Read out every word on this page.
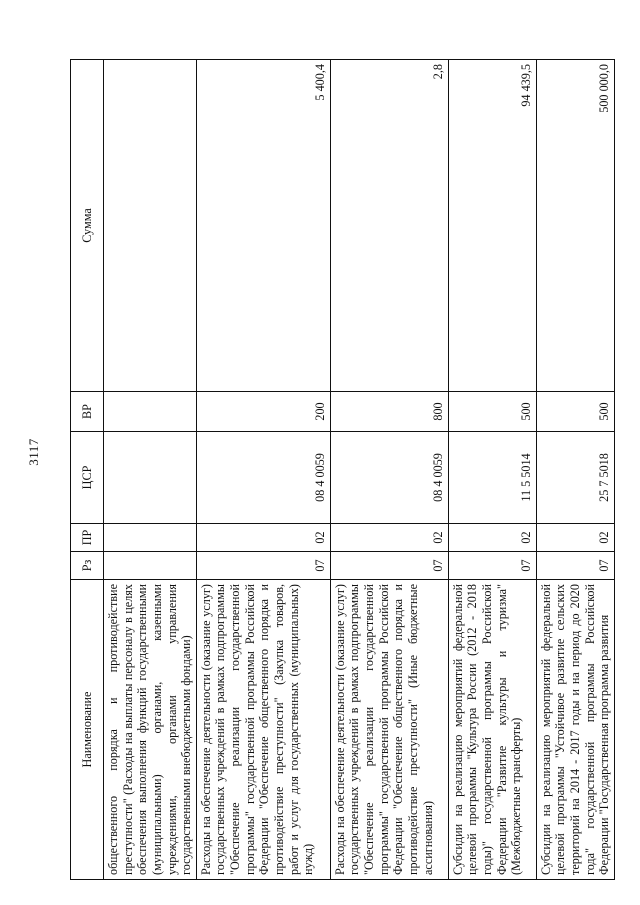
3117
Наименование	Рз	ПР	ЦСР	ВР	Сумма
общественного порядка и противодействие преступности" (Расходы на выплаты персоналу в целях обеспечения выполнения функций государственными (муниципальными) органами, казенными учреждениями, органами управления государственными внебюджетными фондами)					
Расходы на обеспечение деятельности (оказание услуг) государственных учреждений в рамках подпрограммы "Обеспечение реализации государственной программы" государственной программы Российской Федерации "Обеспечение общественного порядка и противодействие преступности" (Закупка товаров, работ и услуг для государственных (муниципальных) нужд)	07	02	08 4 0059	200	5 400,4
Расходы на обеспечение деятельности (оказание услуг) государственных учреждений в рамках подпрограммы "Обеспечение реализации государственной программы" государственной программы Российской Федерации "Обеспечение общественного порядка и противодействие преступности" (Иные бюджетные ассигнования)	07	02	08 4 0059	800	2,8
Субсидии на реализацию мероприятий федеральной целевой программы "Культура России (2012 - 2018 годы)" государственной программы Российской Федерации "Развитие культуры и туризма" (Межбюджетные трансферты)	07	02	11 5 5014	500	94 439,5
Субсидии на реализацию мероприятий федеральной целевой программы "Устойчивое развитие сельских территорий на 2014 - 2017 годы и на период до 2020 года" государственной программы Российской Федерации "Государственная программа развития	07	02	25 7 5018	500	500 000,0
